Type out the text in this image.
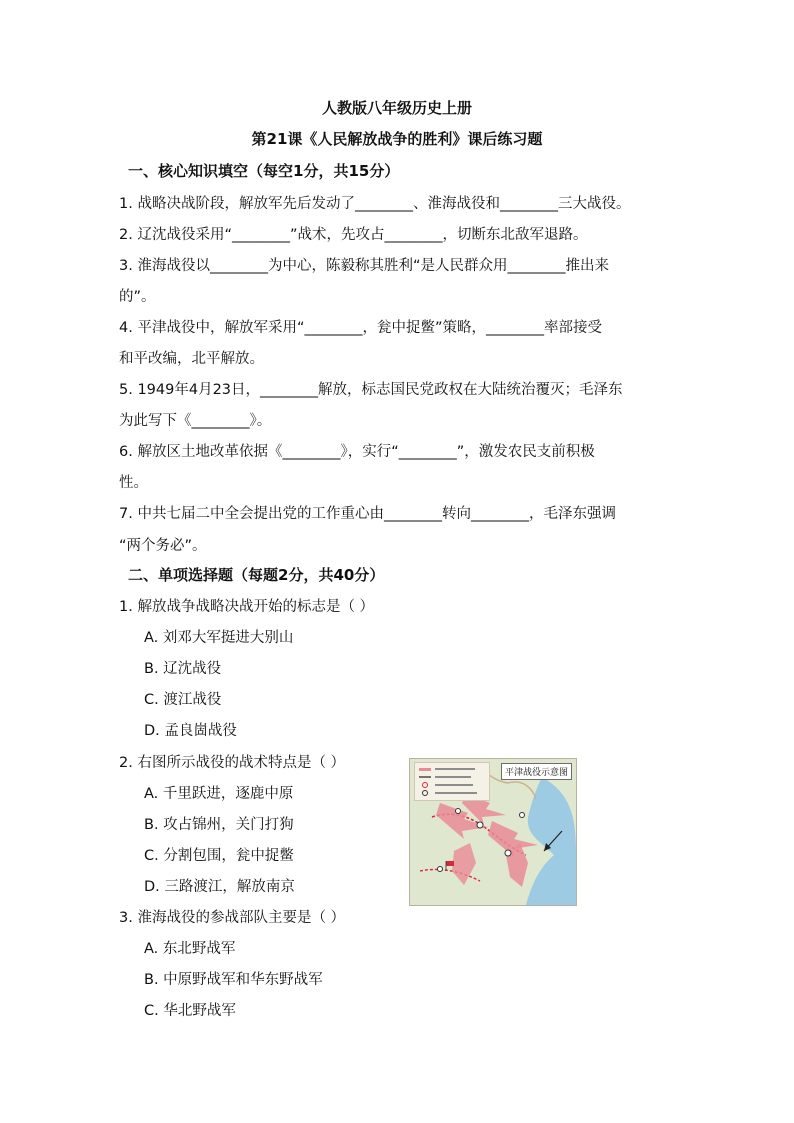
人教版八年级历史上册
第21课《人民解放战争的胜利》课后练习题
一、核心知识填空（每空1分，共15分）
1. 战略决战阶段，解放军先后发动了________、淮海战役和________三大战役。
2. 辽沈战役采用“________”战术，先攻占________，切断东北敌军退路。
3. 淮海战役以________为中心，陈毅称其胜利“是人民群众用________推出来
的”。
4. 平津战役中，解放军采用“________，瓮中捉鳖”策略，________率部接受
和平改编，北平解放。
5. 1949年4月23日，________解放，标志国民党政权在大陆统治覆灭；毛泽东
为此写下《________》。
6. 解放区土地改革依据《________》，实行“________”，激发农民支前积极
性。
7. 中共七届二中全会提出党的工作重心由________转向________，毛泽东强调
“两个务必”。
二、单项选择题（每题2分，共40分）
1. 解放战争战略决战开始的标志是（ ）
A. 刘邓大军挺进大别山
B. 辽沈战役
C. 渡江战役
D. 孟良崮战役
2. 右图所示战役的战术特点是（ ）
A. 千里跃进，逐鹿中原
B. 攻占锦州，关门打狗
C. 分割包围，瓮中捉鳖
D. 三路渡江，解放南京
3. 淮海战役的参战部队主要是（ ）
A. 东北野战军
B. 中原野战军和华东野战军
C. 华北野战军
平津战役示意图
